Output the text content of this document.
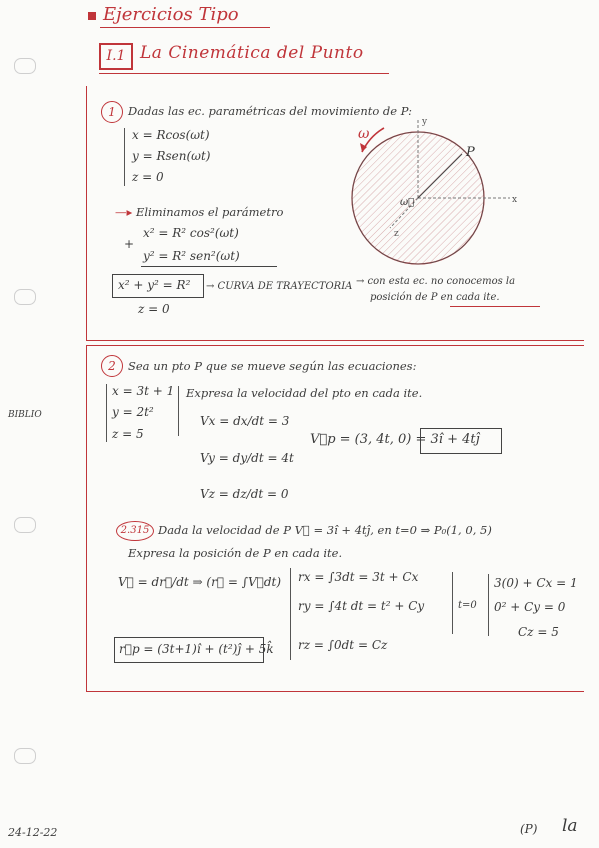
Ejercicios Tipo
I.1 La Cinemática del Punto
1	Dadas las ec. paramétricas del movimiento de P:
x = Rcos(ωt)
y = Rsen(ωt)
z = 0
—▸ Eliminamos el parámetro
x² = R² cos²(ωt)
+
y² = R² sen²(ωt)
x² + y² = R² → CURVA DE TRAYECTORIA
z = 0
→ con esta ec. no conocemos la
posición de P en cada ite.
ω
P
x
y
z
ω⃗
BIBLIO
2	Sea un pto P que se mueve según las ecuaciones:
x = 3t + 1
y = 2t²
z = 5
Expresa la velocidad del pto en cada ite.
Vx = dx/dt = 3
Vy = dy/dt = 4t
Vz = dz/dt = 0
V⃗p = (3, 4t, 0) = 3î + 4tĵ
2.315 Dada la velocidad de P V⃗ = 3î + 4tĵ, en t=0 ⇒ P₀(1, 0, 5)
Expresa la posición de P en cada ite.
V⃗ = dr⃗/dt ⇒ (r⃗ = ∫V⃗dt) rx = ∫3dt = 3t + Cx
ry = ∫4t dt = t² + Cy
rz = ∫0dt = Cz
t=0
3(0) + Cx = 1
0² + Cy = 0
Cz = 5
r⃗p = (3t+1)î + (t²)ĵ + 5k̂
24-12-22	(P) la
